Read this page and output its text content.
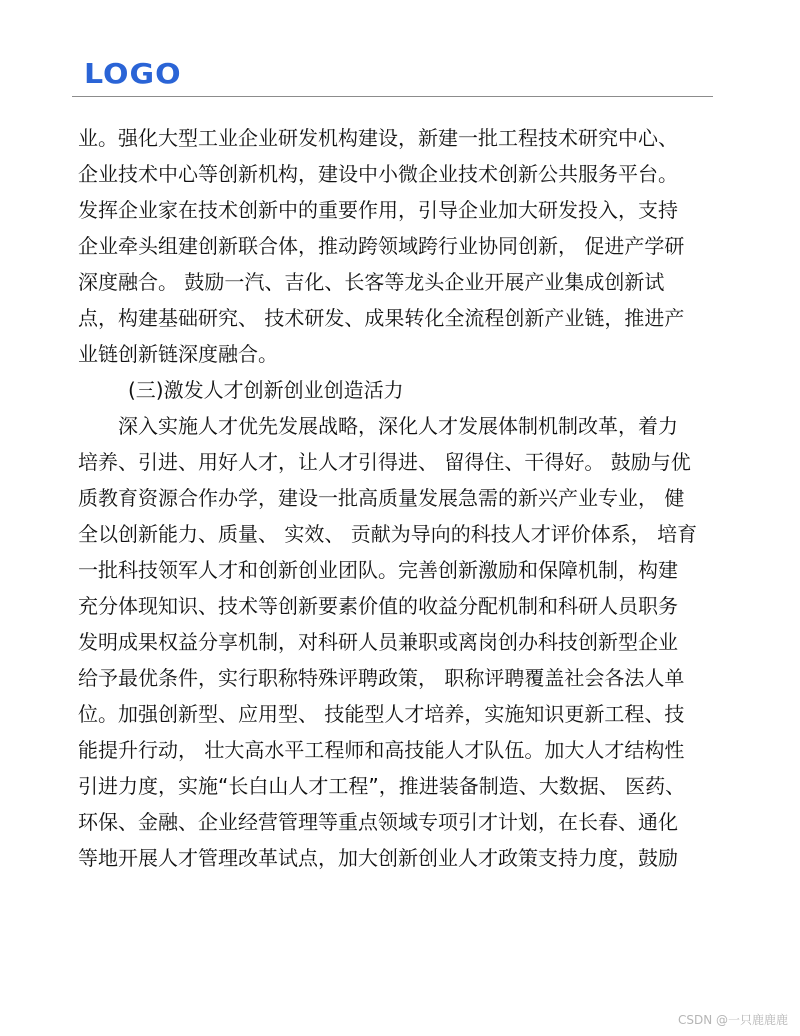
LOGO
业。强化大型工业企业研发机构建设，新建一批工程技术研究中心、
企业技术中心等创新机构，建设中小微企业技术创新公共服务平台。
发挥企业家在技术创新中的重要作用，引导企业加大研发投入，支持
企业牵头组建创新联合体，推动跨领域跨行业协同创新， 促进产学研
深度融合。 鼓励一汽、吉化、长客等龙头企业开展产业集成创新试
点，构建基础研究、 技术研发、成果转化全流程创新产业链，推进产
业链创新链深度融合。
(三)激发人才创新创业创造活力
深入实施人才优先发展战略，深化人才发展体制机制改革，着力
培养、引进、用好人才，让人才引得进、 留得住、干得好。 鼓励与优
质教育资源合作办学，建设一批高质量发展急需的新兴产业专业， 健
全以创新能力、质量、 实效、 贡献为导向的科技人才评价体系， 培育
一批科技领军人才和创新创业团队。完善创新激励和保障机制，构建
充分体现知识、技术等创新要素价值的收益分配机制和科研人员职务
发明成果权益分享机制，对科研人员兼职或离岗创办科技创新型企业
给予最优条件，实行职称特殊评聘政策， 职称评聘覆盖社会各法人单
位。加强创新型、应用型、 技能型人才培养，实施知识更新工程、技
能提升行动， 壮大高水平工程师和高技能人才队伍。加大人才结构性
引进力度，实施“长白山人才工程”，推进装备制造、大数据、 医药、
环保、金融、企业经营管理等重点领域专项引才计划，在长春、通化
等地开展人才管理改革试点，加大创新创业人才政策支持力度，鼓励
CSDN @一只鹿鹿鹿
